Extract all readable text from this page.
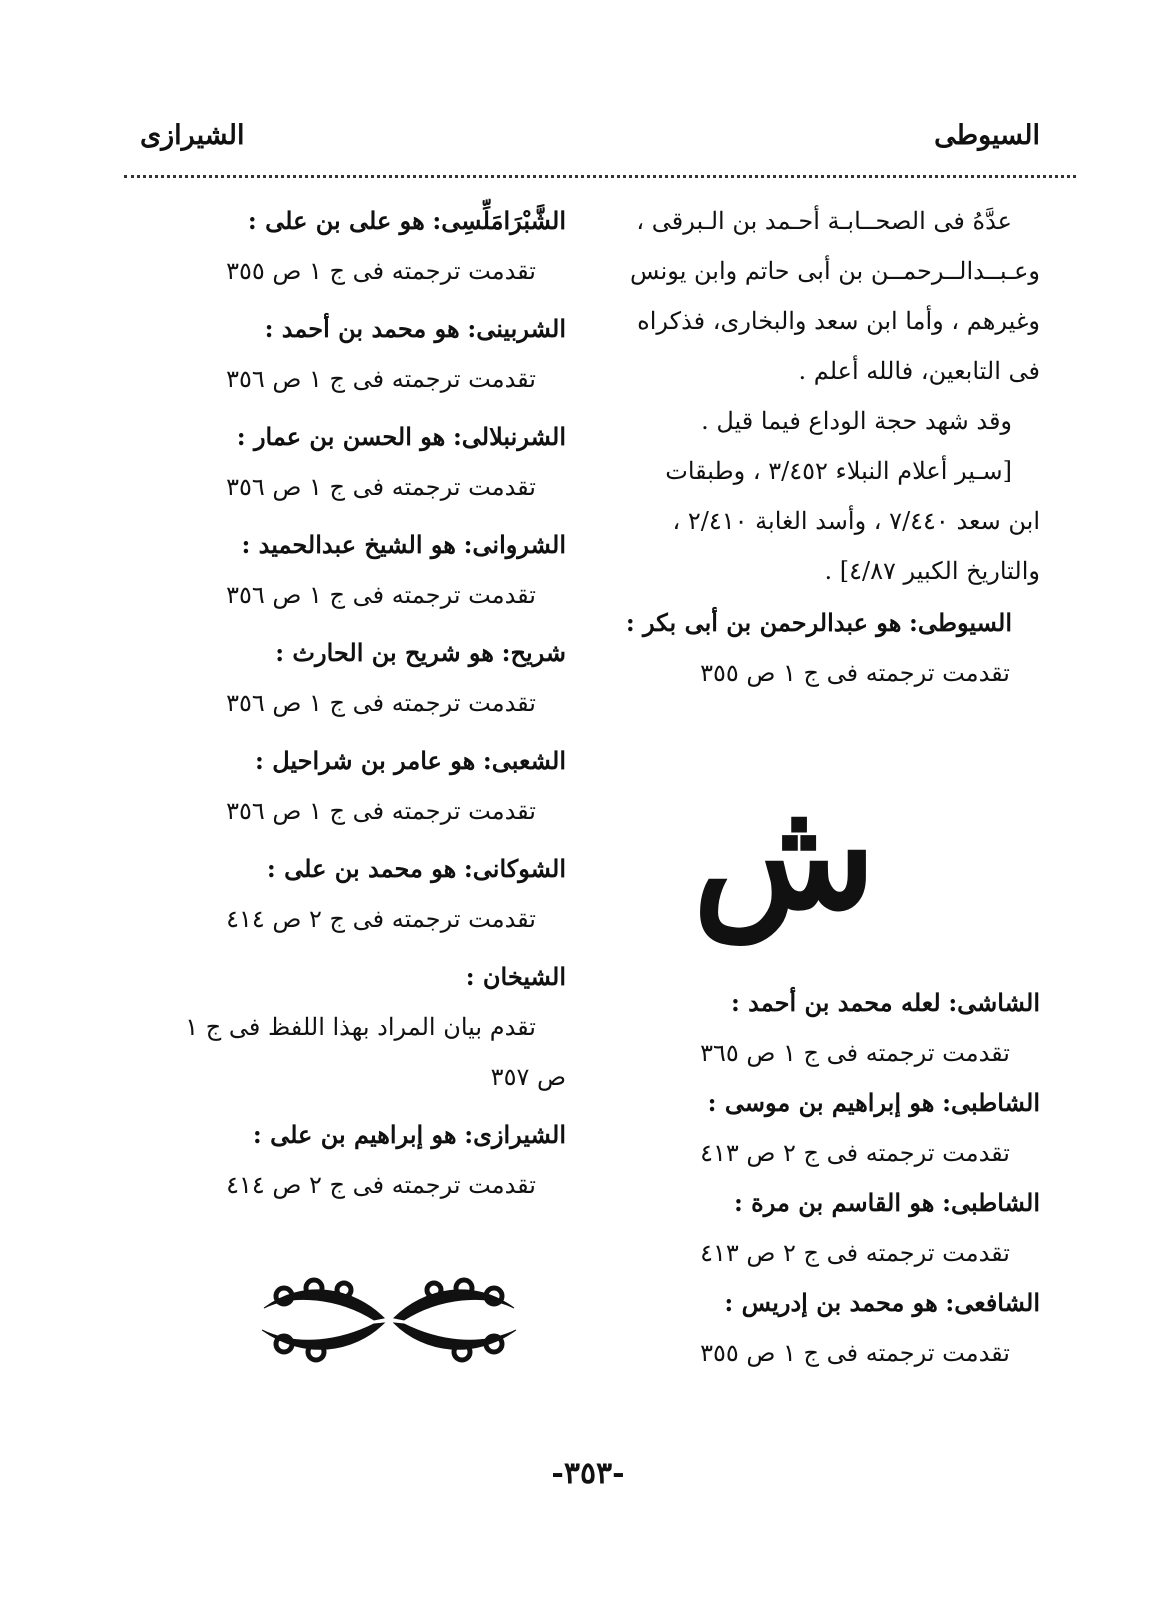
السيوطى
الشيرازى
عدَّهُ فى الصحــابـة أحـمد بن الـبرقى ،
وعـبــدالــرحمــن بن أبى حاتم وابن يونس
وغيرهم ، وأما ابن سعد والبخارى، فذكراه
فى التابعين، فالله أعلم .
وقد شهد حجة الوداع فيما قيل .
[سـير أعلام النبلاء ٣/٤٥٢ ، وطبقات
ابن سعد ٧/٤٤٠ ، وأسد الغابة ٢/٤١٠ ،
والتاريخ الكبير ٤/٨٧] .
السيوطى: هو عبدالرحمن بن أبى بكر :
تقدمت ترجمته فى ج ١ ص ٣٥٥
ش
الشاشى: لعله محمد بن أحمد :
تقدمت ترجمته فى ج ١ ص ٣٦٥
الشاطبى: هو إبراهيم بن موسى :
تقدمت ترجمته فى ج ٢ ص ٤١٣
الشاطبى: هو القاسم بن مرة :
تقدمت ترجمته فى ج ٢ ص ٤١٣
الشافعى: هو محمد بن إدريس :
تقدمت ترجمته فى ج ١ ص ٣٥٥
الشَّبْرَامَلِّسِى: هو على بن على :
تقدمت ترجمته فى ج ١ ص ٣٥٥
الشربينى: هو محمد بن أحمد :
تقدمت ترجمته فى ج ١ ص ٣٥٦
الشرنبلالى: هو الحسن بن عمار :
تقدمت ترجمته فى ج ١ ص ٣٥٦
الشروانى: هو الشيخ عبدالحميد :
تقدمت ترجمته فى ج ١ ص ٣٥٦
شريح: هو شريح بن الحارث :
تقدمت ترجمته فى ج ١ ص ٣٥٦
الشعبى: هو عامر بن شراحيل :
تقدمت ترجمته فى ج ١ ص ٣٥٦
الشوكانى: هو محمد بن على :
تقدمت ترجمته فى ج ٢ ص ٤١٤
الشيخان :
تقدم بيان المراد بهذا اللفظ فى ج ١
ص ٣٥٧
الشيرازى: هو إبراهيم بن على :
تقدمت ترجمته فى ج ٢ ص ٤١٤
-٣٥٣-
